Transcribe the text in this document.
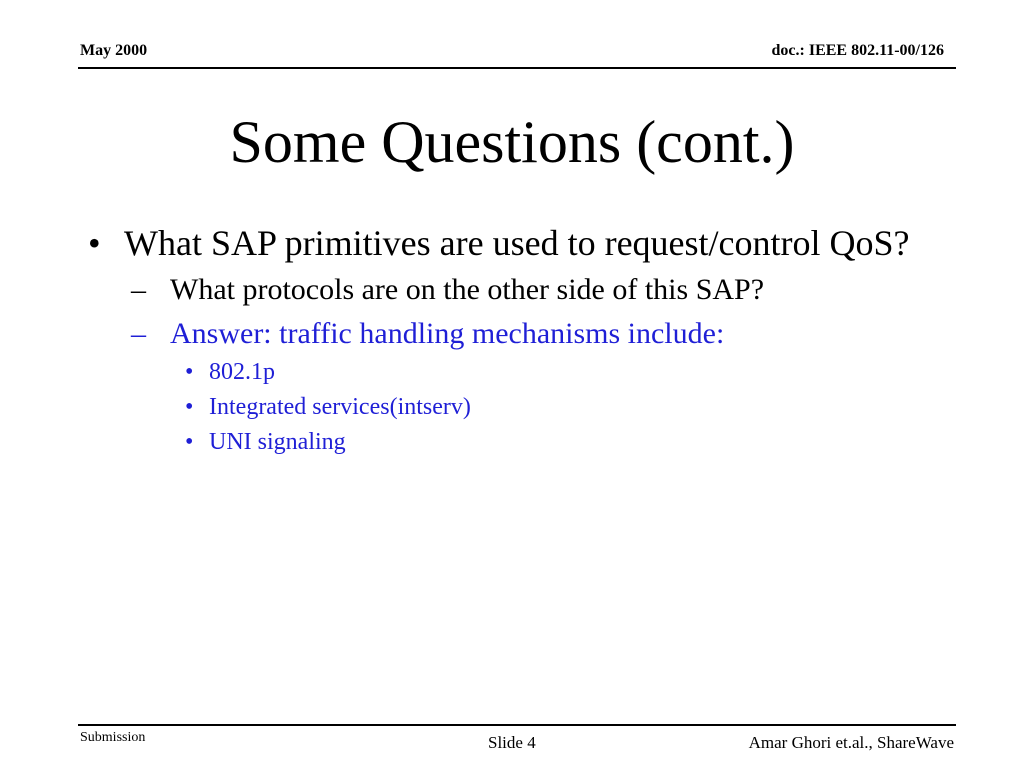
May 2000	doc.: IEEE 802.11-00/126
Some Questions (cont.)
• What SAP primitives are used to request/control QoS?
– What protocols are on the other side of this SAP?
– Answer: traffic handling mechanisms include:
• 802.1p
• Integrated services(intserv)
• UNI signaling
Submission	Slide 4	Amar Ghori et.al., ShareWave
